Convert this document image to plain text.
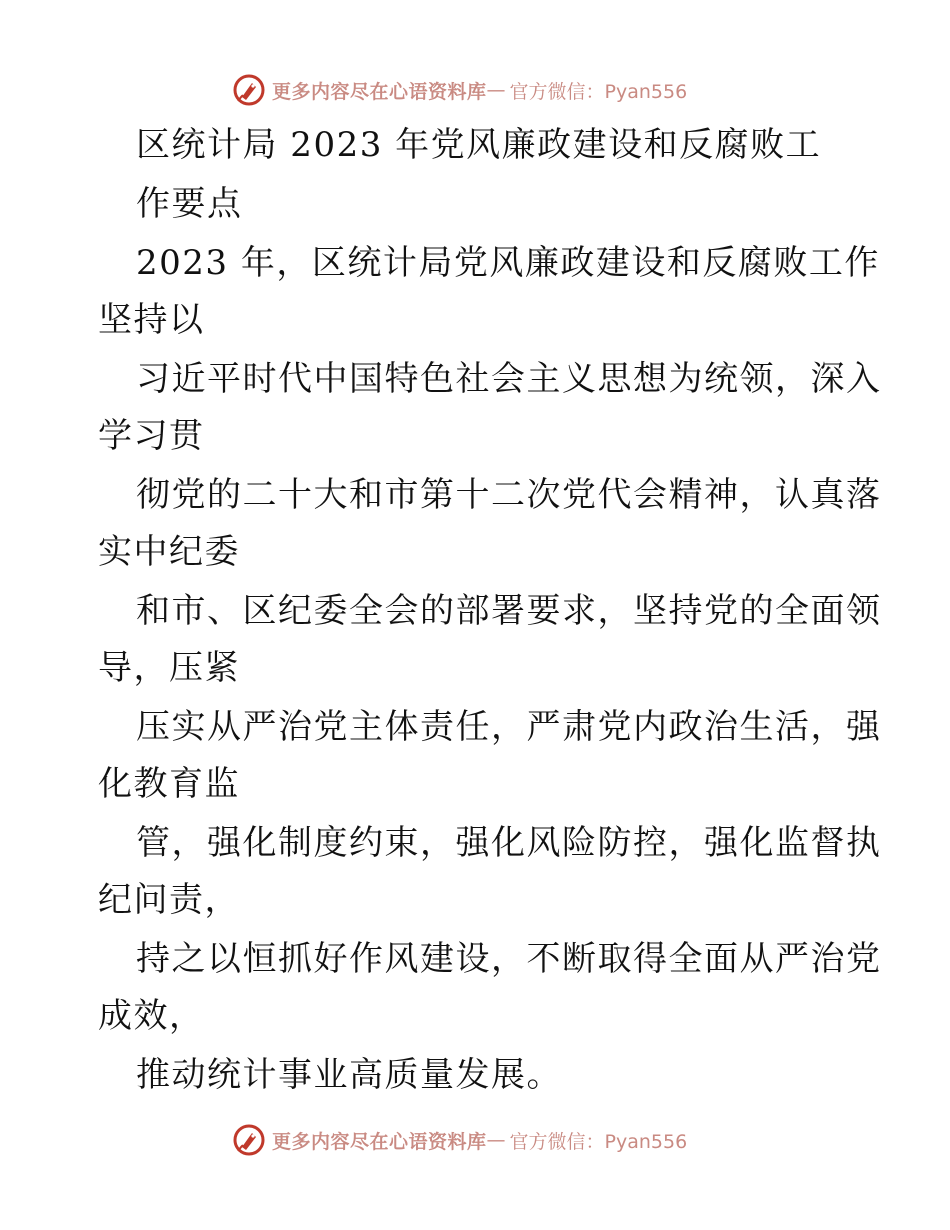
更多内容尽在心语资料库 — 官方微信：Pyan556
区统计局 2023 年党风廉政建设和反腐败工
作要点
2023 年，区统计局党风廉政建设和反腐败工作
坚持以
习近平时代中国特色社会主义思想为统领，深入
学习贯
彻党的二十大和市第十二次党代会精神，认真落
实中纪委
和市、区纪委全会的部署要求，坚持党的全面领
导，压紧
压实从严治党主体责任，严肃党内政治生活，强
化教育监
管，强化制度约束，强化风险防控，强化监督执
纪问责，
持之以恒抓好作风建设，不断取得全面从严治党
成效，
推动统计事业高质量发展。
更多内容尽在心语资料库 — 官方微信：Pyan556
